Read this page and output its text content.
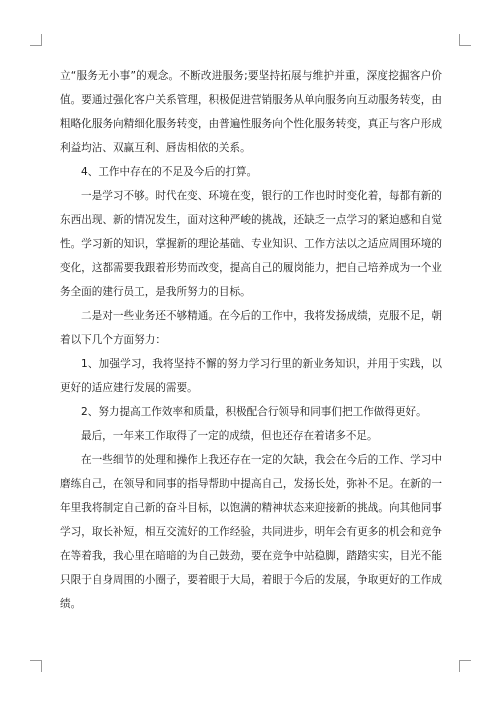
立“服务无小事”的观念。不断改进服务;要坚持拓展与维护并重，深度挖掘客户价值。要通过强化客户关系管理，积极促进营销服务从单向服务向互动服务转变，由粗略化服务向精细化服务转变，由普遍性服务向个性化服务转变，真正与客户形成利益均沾、双赢互利、唇齿相依的关系。

4、工作中存在的不足及今后的打算。

一是学习不够。时代在变、环境在变，银行的工作也时时变化着，每都有新的东西出现、新的情况发生，面对这种严峻的挑战，还缺乏一点学习的紧迫感和自觉性。学习新的知识，掌握新的理论基础、专业知识、工作方法以之适应周围环境的变化，这都需要我跟着形势而改变，提高自己的履岗能力，把自己培养成为一个业务全面的建行员工，是我所努力的目标。

二是对一些业务还不够精通。在今后的工作中，我将发扬成绩，克服不足，朝着以下几个方面努力：

1、加强学习，我将坚持不懈的努力学习行里的新业务知识，并用于实践，以更好的适应建行发展的需要。

2、努力提高工作效率和质量，积极配合行领导和同事们把工作做得更好。

最后，一年来工作取得了一定的成绩，但也还存在着诸多不足。

在一些细节的处理和操作上我还存在一定的欠缺，我会在今后的工作、学习中磨练自己，在领导和同事的指导帮助中提高自己，发扬长处，弥补不足。在新的一年里我将制定自己新的奋斗目标，以饱满的精神状态来迎接新的挑战。向其他同事学习，取长补短，相互交流好的工作经验，共同进步，明年会有更多的机会和竞争在等着我，我心里在暗暗的为自己鼓劲，要在竞争中站稳脚，踏踏实实，目光不能只限于自身周围的小圈子，要着眼于大局，着眼于今后的发展，争取更好的工作成绩。
